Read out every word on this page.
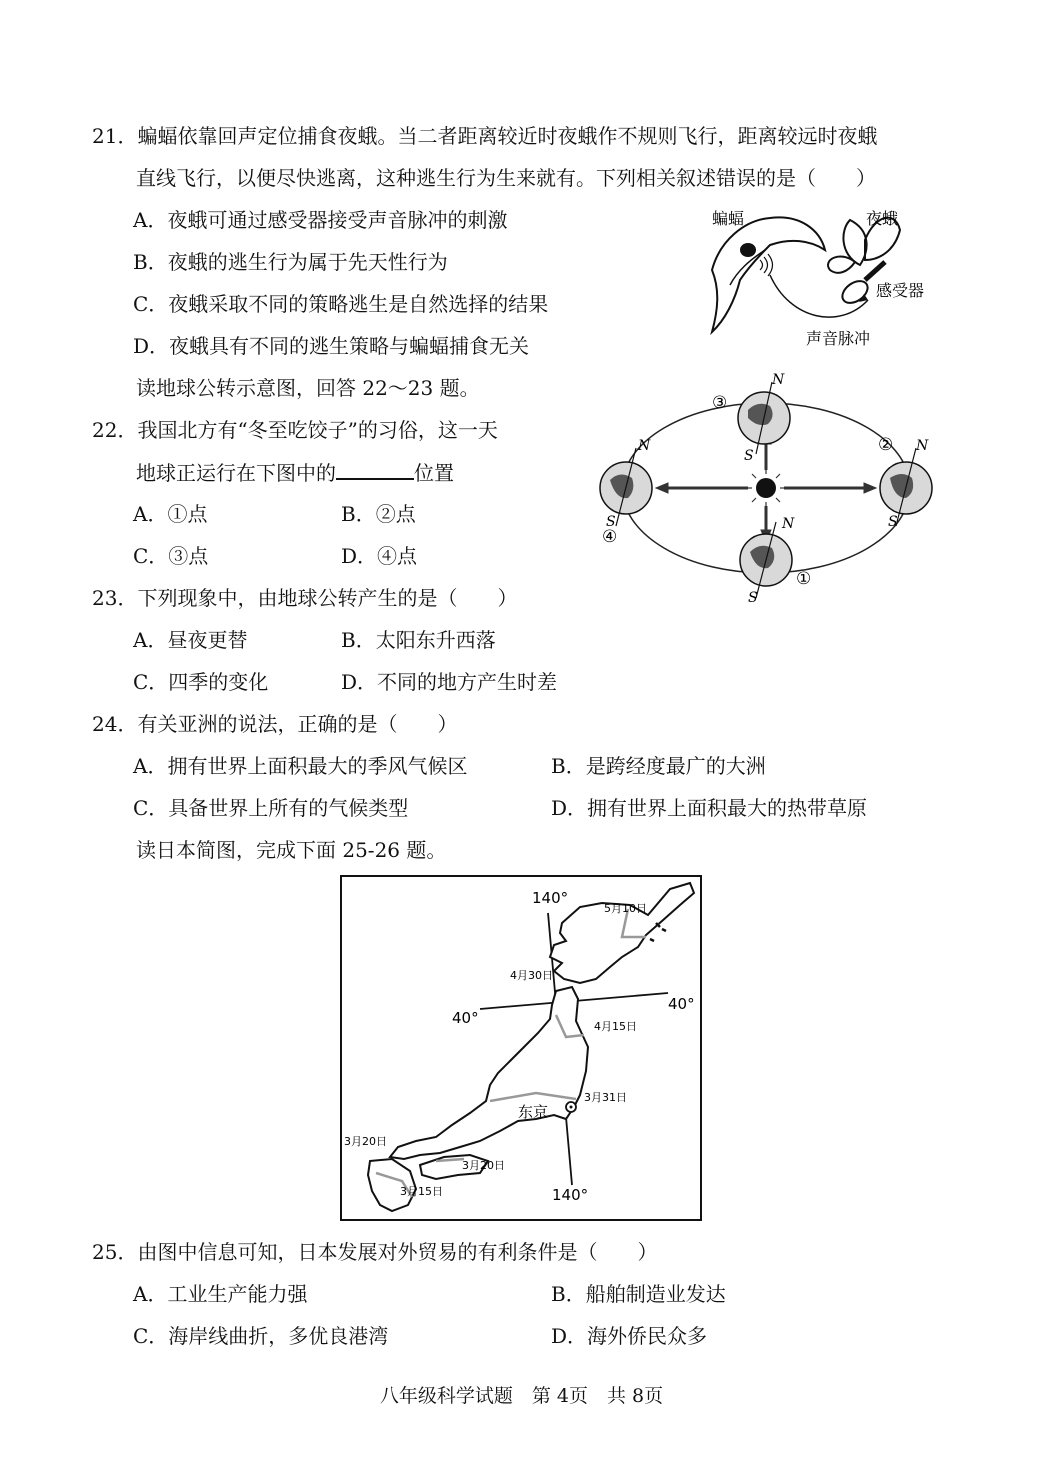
21．蝙蝠依靠回声定位捕食夜蛾。当二者距离较近时夜蛾作不规则飞行，距离较远时夜蛾
直线飞行，以便尽快逃离，这种逃生行为生来就有。下列相关叙述错误的是（　　）
A．夜蛾可通过感受器接受声音脉冲的刺激
B．夜蛾的逃生行为属于先天性行为
C．夜蛾采取不同的策略逃生是自然选择的结果
D．夜蛾具有不同的逃生策略与蝙蝠捕食无关
蝙蝠	夜蛾
感受器
声音脉冲
读地球公转示意图，回答 22～23 题。
22．我国北方有“冬至吃饺子”的习俗，这一天
地球正运行在下图中的	位置
A．①点	B．②点
C．③点	D．④点
③
②
④
①
N
S
N
S
N
S	N
S
23．下列现象中，由地球公转产生的是（　　）
A．昼夜更替	B．太阳东升西落
C．四季的变化	D．不同的地方产生时差
24．有关亚洲的说法，正确的是（　　）
A．拥有世界上面积最大的季风气候区	B．是跨经度最广的大洲
C．具备世界上所有的气候类型	D．拥有世界上面积最大的热带草原
读日本简图，完成下面 25-26 题。
东京
140°
140°
40°
40°
5月10日
4月30日
4月15日
3月31日
3月20日
3月20日
3月15日
25．由图中信息可知，日本发展对外贸易的有利条件是（　　）
A．工业生产能力强	B．船舶制造业发达
C．海岸线曲折，多优良港湾	D．海外侨民众多
八年级科学试题　第 4页　共 8页
